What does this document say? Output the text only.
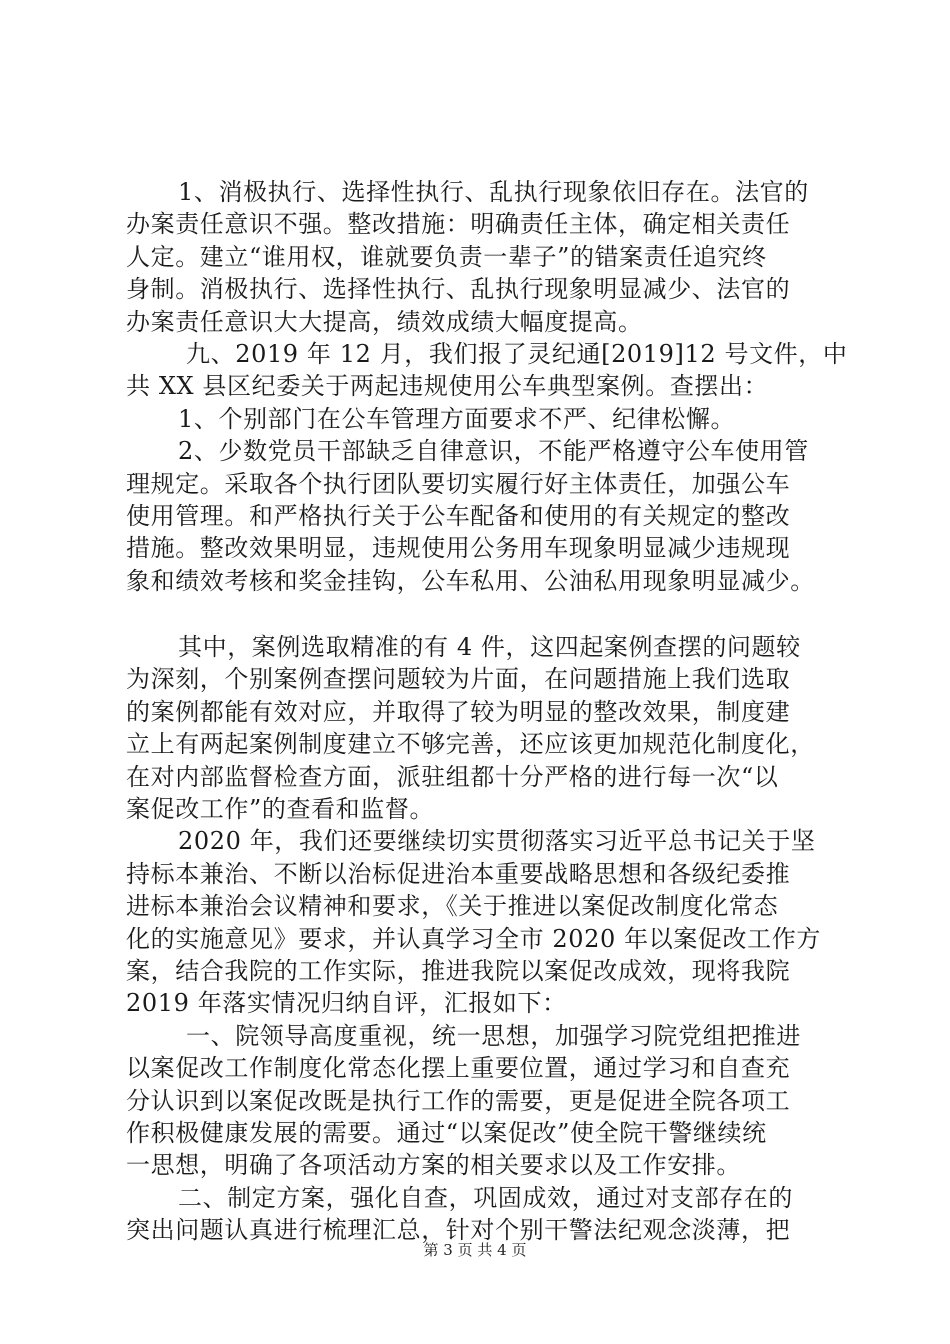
1、消极执行、选择性执行、乱执行现象依旧存在。法官的
办案责任意识不强。整改措施：明确责任主体，确定相关责任
人定。建立“谁用权，谁就要负责一辈子”的错案责任追究终
身制。消极执行、选择性执行、乱执行现象明显减少、法官的
办案责任意识大大提高，绩效成绩大幅度提高。
九、2019 年 12 月，我们报了灵纪通[2019]12 号文件，中
共 XX 县区纪委关于两起违规使用公车典型案例。查摆出：
1、个别部门在公车管理方面要求不严、纪律松懈。
2、少数党员干部缺乏自律意识，不能严格遵守公车使用管
理规定。采取各个执行团队要切实履行好主体责任，加强公车
使用管理。和严格执行关于公车配备和使用的有关规定的整改
措施。整改效果明显，违规使用公务用车现象明显减少违规现
象和绩效考核和奖金挂钩，公车私用、公油私用现象明显减少。
其中，案例选取精准的有 4 件，这四起案例查摆的问题较
为深刻，个别案例查摆问题较为片面，在问题措施上我们选取
的案例都能有效对应，并取得了较为明显的整改效果，制度建
立上有两起案例制度建立不够完善，还应该更加规范化制度化，
在对内部监督检查方面，派驻组都十分严格的进行每一次“以
案促改工作”的查看和监督。
2020 年，我们还要继续切实贯彻落实习近平总书记关于坚
持标本兼治、不断以治标促进治本重要战略思想和各级纪委推
进标本兼治会议精神和要求，《关于推进以案促改制度化常态
化的实施意见》要求，并认真学习全市 2020 年以案促改工作方
案，结合我院的工作实际，推进我院以案促改成效，现将我院
2019 年落实情况归纳自评，汇报如下：
一、院领导高度重视，统一思想，加强学习院党组把推进
以案促改工作制度化常态化摆上重要位置，通过学习和自查充
分认识到以案促改既是执行工作的需要，更是促进全院各项工
作积极健康发展的需要。通过“以案促改”使全院干警继续统
一思想，明确了各项活动方案的相关要求以及工作安排。
二、制定方案，强化自查，巩固成效，通过对支部存在的
突出问题认真进行梳理汇总，针对个别干警法纪观念淡薄，把
第 3 页 共 4 页
